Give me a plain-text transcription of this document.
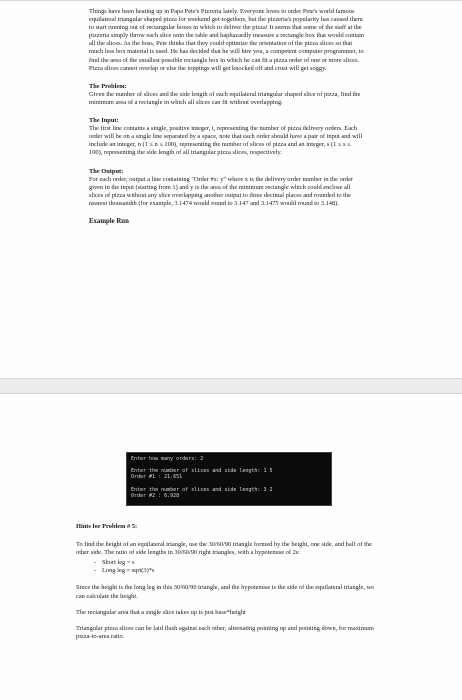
Things have been heating up in Papa Pete's Pizzeria lately. Everyone loves to order Pete's world famous equilateral triangular shaped pizza for weekend get-togethers, but the pizzeria's popularity has caused them to start running out of rectangular boxes in which to deliver the pizza! It seems that some of the staff at the pizzeria simply throw each slice onto the table and haphazardly measure a rectangle box that would contain all the slices. As the boss, Pete thinks that they could optimize the orientation of the pizza slices so that much less box material is used. He has decided that he will hire you, a competent computer programmer, to find the area of the smallest possible rectangle box in which he can fit a pizza order of one or more slices. Pizza slices cannot overlap or else the toppings will get knocked off and crust will get soggy.

The Problem:
Given the number of slices and the side length of each equilateral triangular shaped slice of pizza, find the minimum area of a rectangle in which all slices can fit without overlapping.

The Input:
The first line contains a single, positive integer, t, representing the number of pizza delivery orders. Each order will be on a single line separated by a space, note that each order should have a pair of input and will include an integer, n (1 ≤ n ≤ 100), representing the number of slices of pizza and an integer, s (1 ≤ s ≤ 100), representing the side length of all triangular pizza slices, respectively.

The Output:
For each order, output a line containing "Order #x: y" where x is the delivery order number in the order given in the input (starting from 1) and y is the area of the minimum rectangle which could enclose all slices of pizza without any slice overlapping another output to three decimal places and rounded to the nearest thousandth (for example, 3.1474 would round to 3.147 and 3.1475 would round to 3.148).

Example Run

Enter how many orders: 2
Enter the number of slices and side length: 1 5
Order #1 : 21.651
Enter the number of slices and side length: 3 2
Order #2 : 6.928

Hints for Problem # 5:

To find the height of an equilateral triangle, use the 30/60/90 triangle formed by the height, one side, and half of the other side. The ratio of side lengths in 30/60/90 right triangles, with a hypotenuse of 2s:

- Short leg = s
- Long leg = sqrt(3)*s

Since the height is the long leg in this 30/60/90 triangle, and the hypotenuse is the side of the equilateral triangle, we can calculate the height.

The rectangular area that a single slice takes up is just base*height

Triangular pizza slices can be laid flush against each other, alternating pointing up and pointing down, for maximum pizza-to-area ratio.
